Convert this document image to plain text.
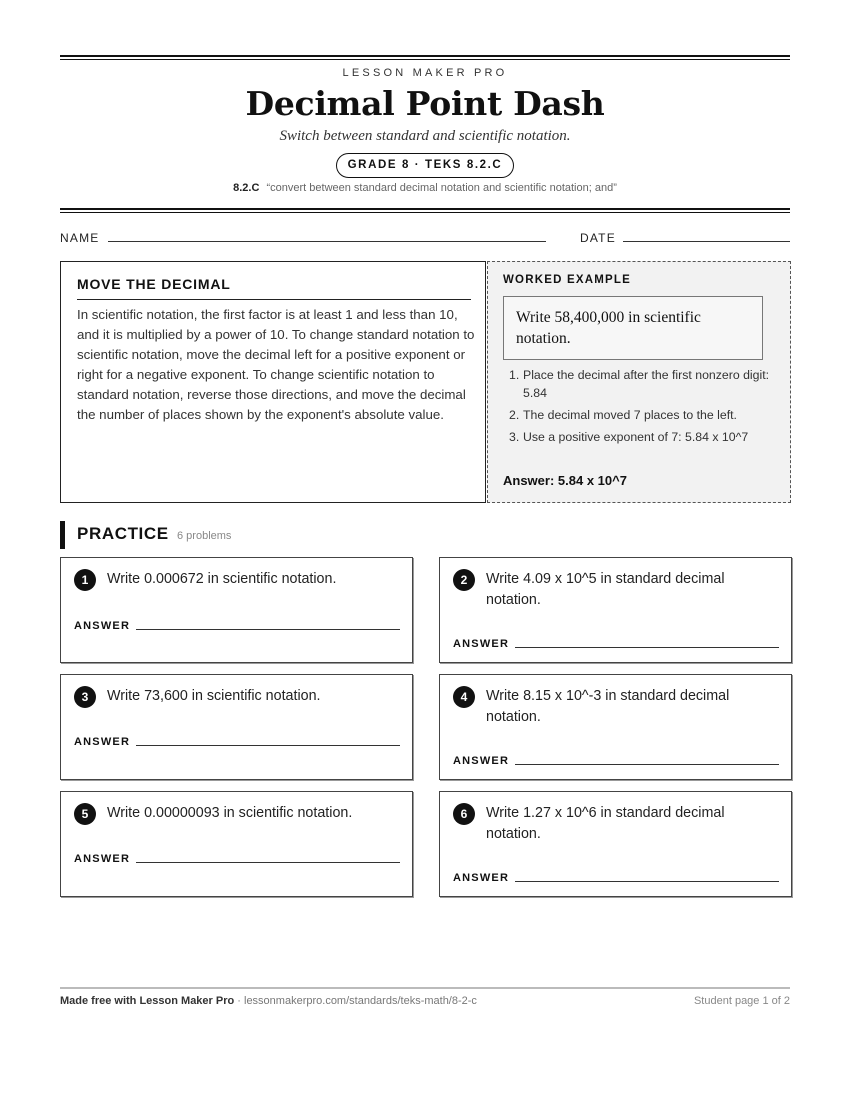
LESSON MAKER PRO
Decimal Point Dash
Switch between standard and scientific notation.
GRADE 8 · TEKS 8.2.C
8.2.C “convert between standard decimal notation and scientific notation; and”
NAME	DATE
MOVE THE DECIMAL
In scientific notation, the first factor is at least 1 and less than 10, and it is multiplied by a power of 10. To change standard notation to scientific notation, move the decimal left for a positive exponent or right for a negative exponent. To change scientific notation to standard notation, reverse those directions, and move the decimal the number of places shown by the exponent's absolute value.
WORKED EXAMPLE
Write 58,400,000 in scientific notation.
1. Place the decimal after the first nonzero digit: 5.84
2. The decimal moved 7 places to the left.
3. Use a positive exponent of 7: 5.84 x 10^7
Answer: 5.84 x 10^7
PRACTICE 6 problems
1	Write 0.000672 in scientific notation.
ANSWER
2	Write 4.09 x 10^5 in standard decimal notation.
ANSWER
3	Write 73,600 in scientific notation.
ANSWER
4	Write 8.15 x 10^-3 in standard decimal notation.
ANSWER
5	Write 0.00000093 in scientific notation.
ANSWER
6	Write 1.27 x 10^6 in standard decimal notation.
ANSWER
Made free with Lesson Maker Pro · lessonmakerpro.com/standards/teks-math/8-2-c	Student page 1 of 2
